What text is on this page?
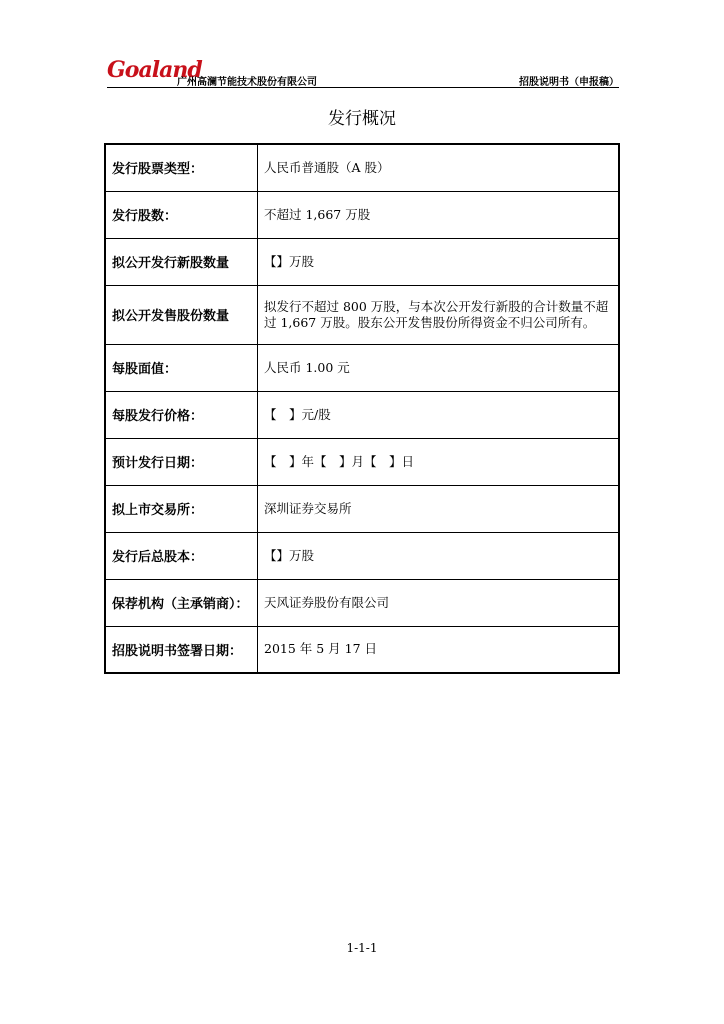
Goaland
广州高澜节能技术股份有限公司	招股说明书（申报稿）
发行概况
发行股票类型：	人民币普通股（A 股）
发行股数：	不超过 1,667 万股
拟公开发行新股数量	【】万股
拟公开发售股份数量	拟发行不超过 800 万股，与本次公开发行新股的合计数量不超过 1,667 万股。股东公开发售股份所得资金不归公司所有。
每股面值：	人民币 1.00 元
每股发行价格：	【　】元/股
预计发行日期：	【　】年【　】月【　】日
拟上市交易所：	深圳证券交易所
发行后总股本：	【】万股
保荐机构（主承销商）：	天风证券股份有限公司
招股说明书签署日期：	2015 年 5 月 17 日
1-1-1
